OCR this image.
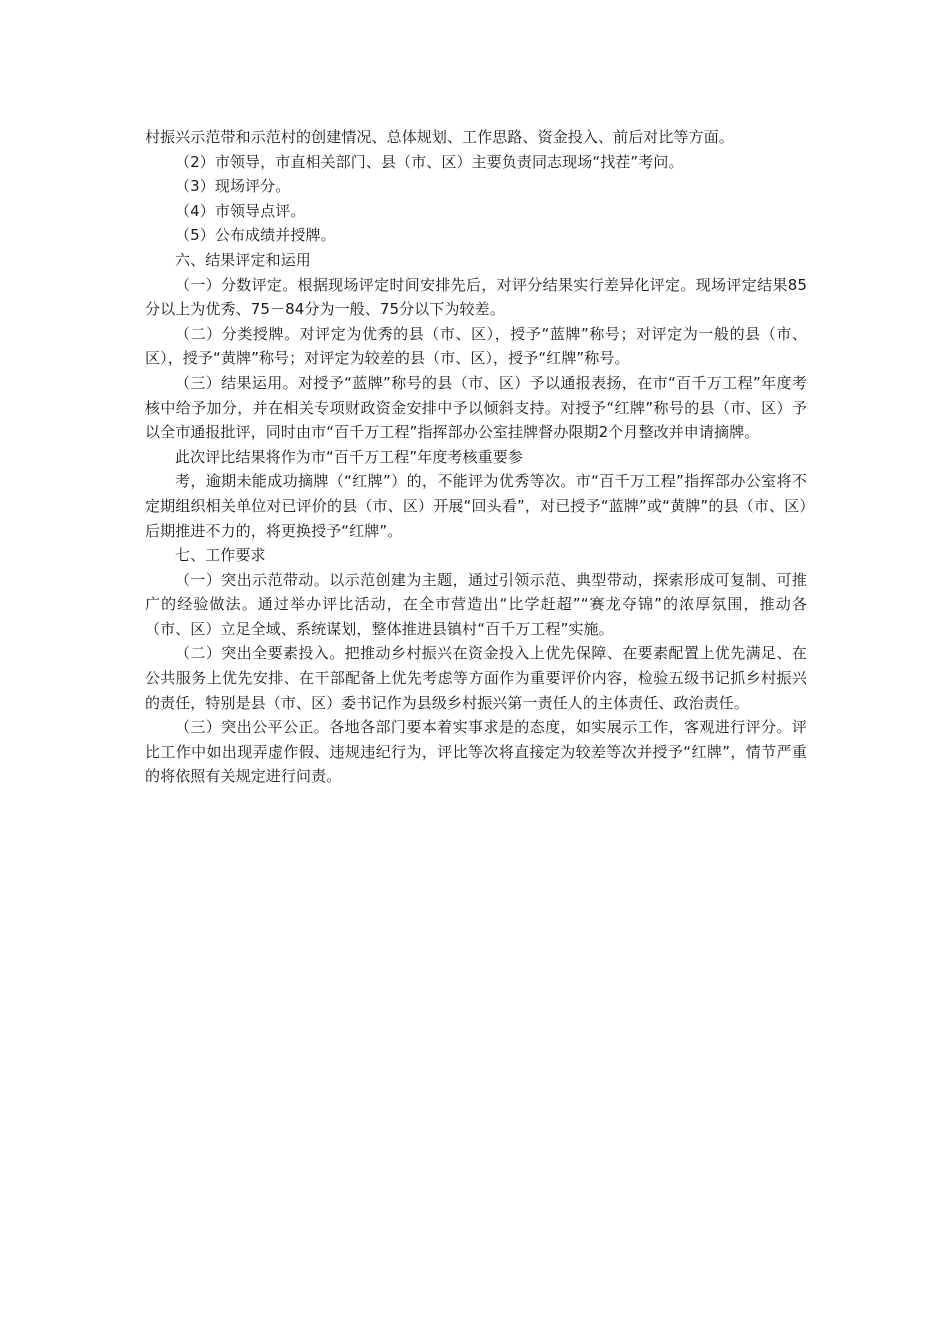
村振兴示范带和示范村的创建情况、总体规划、工作思路、资金投入、前后对比等方面。

（2）市领导，市直相关部门、县（市、区）主要负责同志现场“找茬”考问。

（3）现场评分。

（4）市领导点评。

（5）公布成绩并授牌。

六、结果评定和运用

（一）分数评定。根据现场评定时间安排先后，对评分结果实行差异化评定。现场评定结果85分以上为优秀、75－84分为一般、75分以下为较差。

（二）分类授牌。对评定为优秀的县（市、区），授予“蓝牌”称号；对评定为一般的县（市、区），授予“黄牌”称号；对评定为较差的县（市、区），授予“红牌”称号。

（三）结果运用。对授予“蓝牌”称号的县（市、区）予以通报表扬，在市“百千万工程”年度考核中给予加分，并在相关专项财政资金安排中予以倾斜支持。对授予“红牌”称号的县（市、区）予以全市通报批评，同时由市“百千万工程”指挥部办公室挂牌督办限期2个月整改并申请摘牌。

此次评比结果将作为市“百千万工程”年度考核重要参

考，逾期未能成功摘牌（“红牌”）的，不能评为优秀等次。市“百千万工程”指挥部办公室将不定期组织相关单位对已评价的县（市、区）开展“回头看”，对已授予“蓝牌”或“黄牌”的县（市、区）后期推进不力的，将更换授予“红牌”。

七、工作要求

（一）突出示范带动。以示范创建为主题，通过引领示范、典型带动，探索形成可复制、可推广的经验做法。通过举办评比活动，在全市营造出“比学赶超”“赛龙夺锦”的浓厚氛围，推动各（市、区）立足全域、系统谋划，整体推进县镇村“百千万工程”实施。

（二）突出全要素投入。把推动乡村振兴在资金投入上优先保障、在要素配置上优先满足、在公共服务上优先安排、在干部配备上优先考虑等方面作为重要评价内容，检验五级书记抓乡村振兴的责任，特别是县（市、区）委书记作为县级乡村振兴第一责任人的主体责任、政治责任。

（三）突出公平公正。各地各部门要本着实事求是的态度，如实展示工作，客观进行评分。评比工作中如出现弄虚作假、违规违纪行为，评比等次将直接定为较差等次并授予“红牌”，情节严重的将依照有关规定进行问责。
